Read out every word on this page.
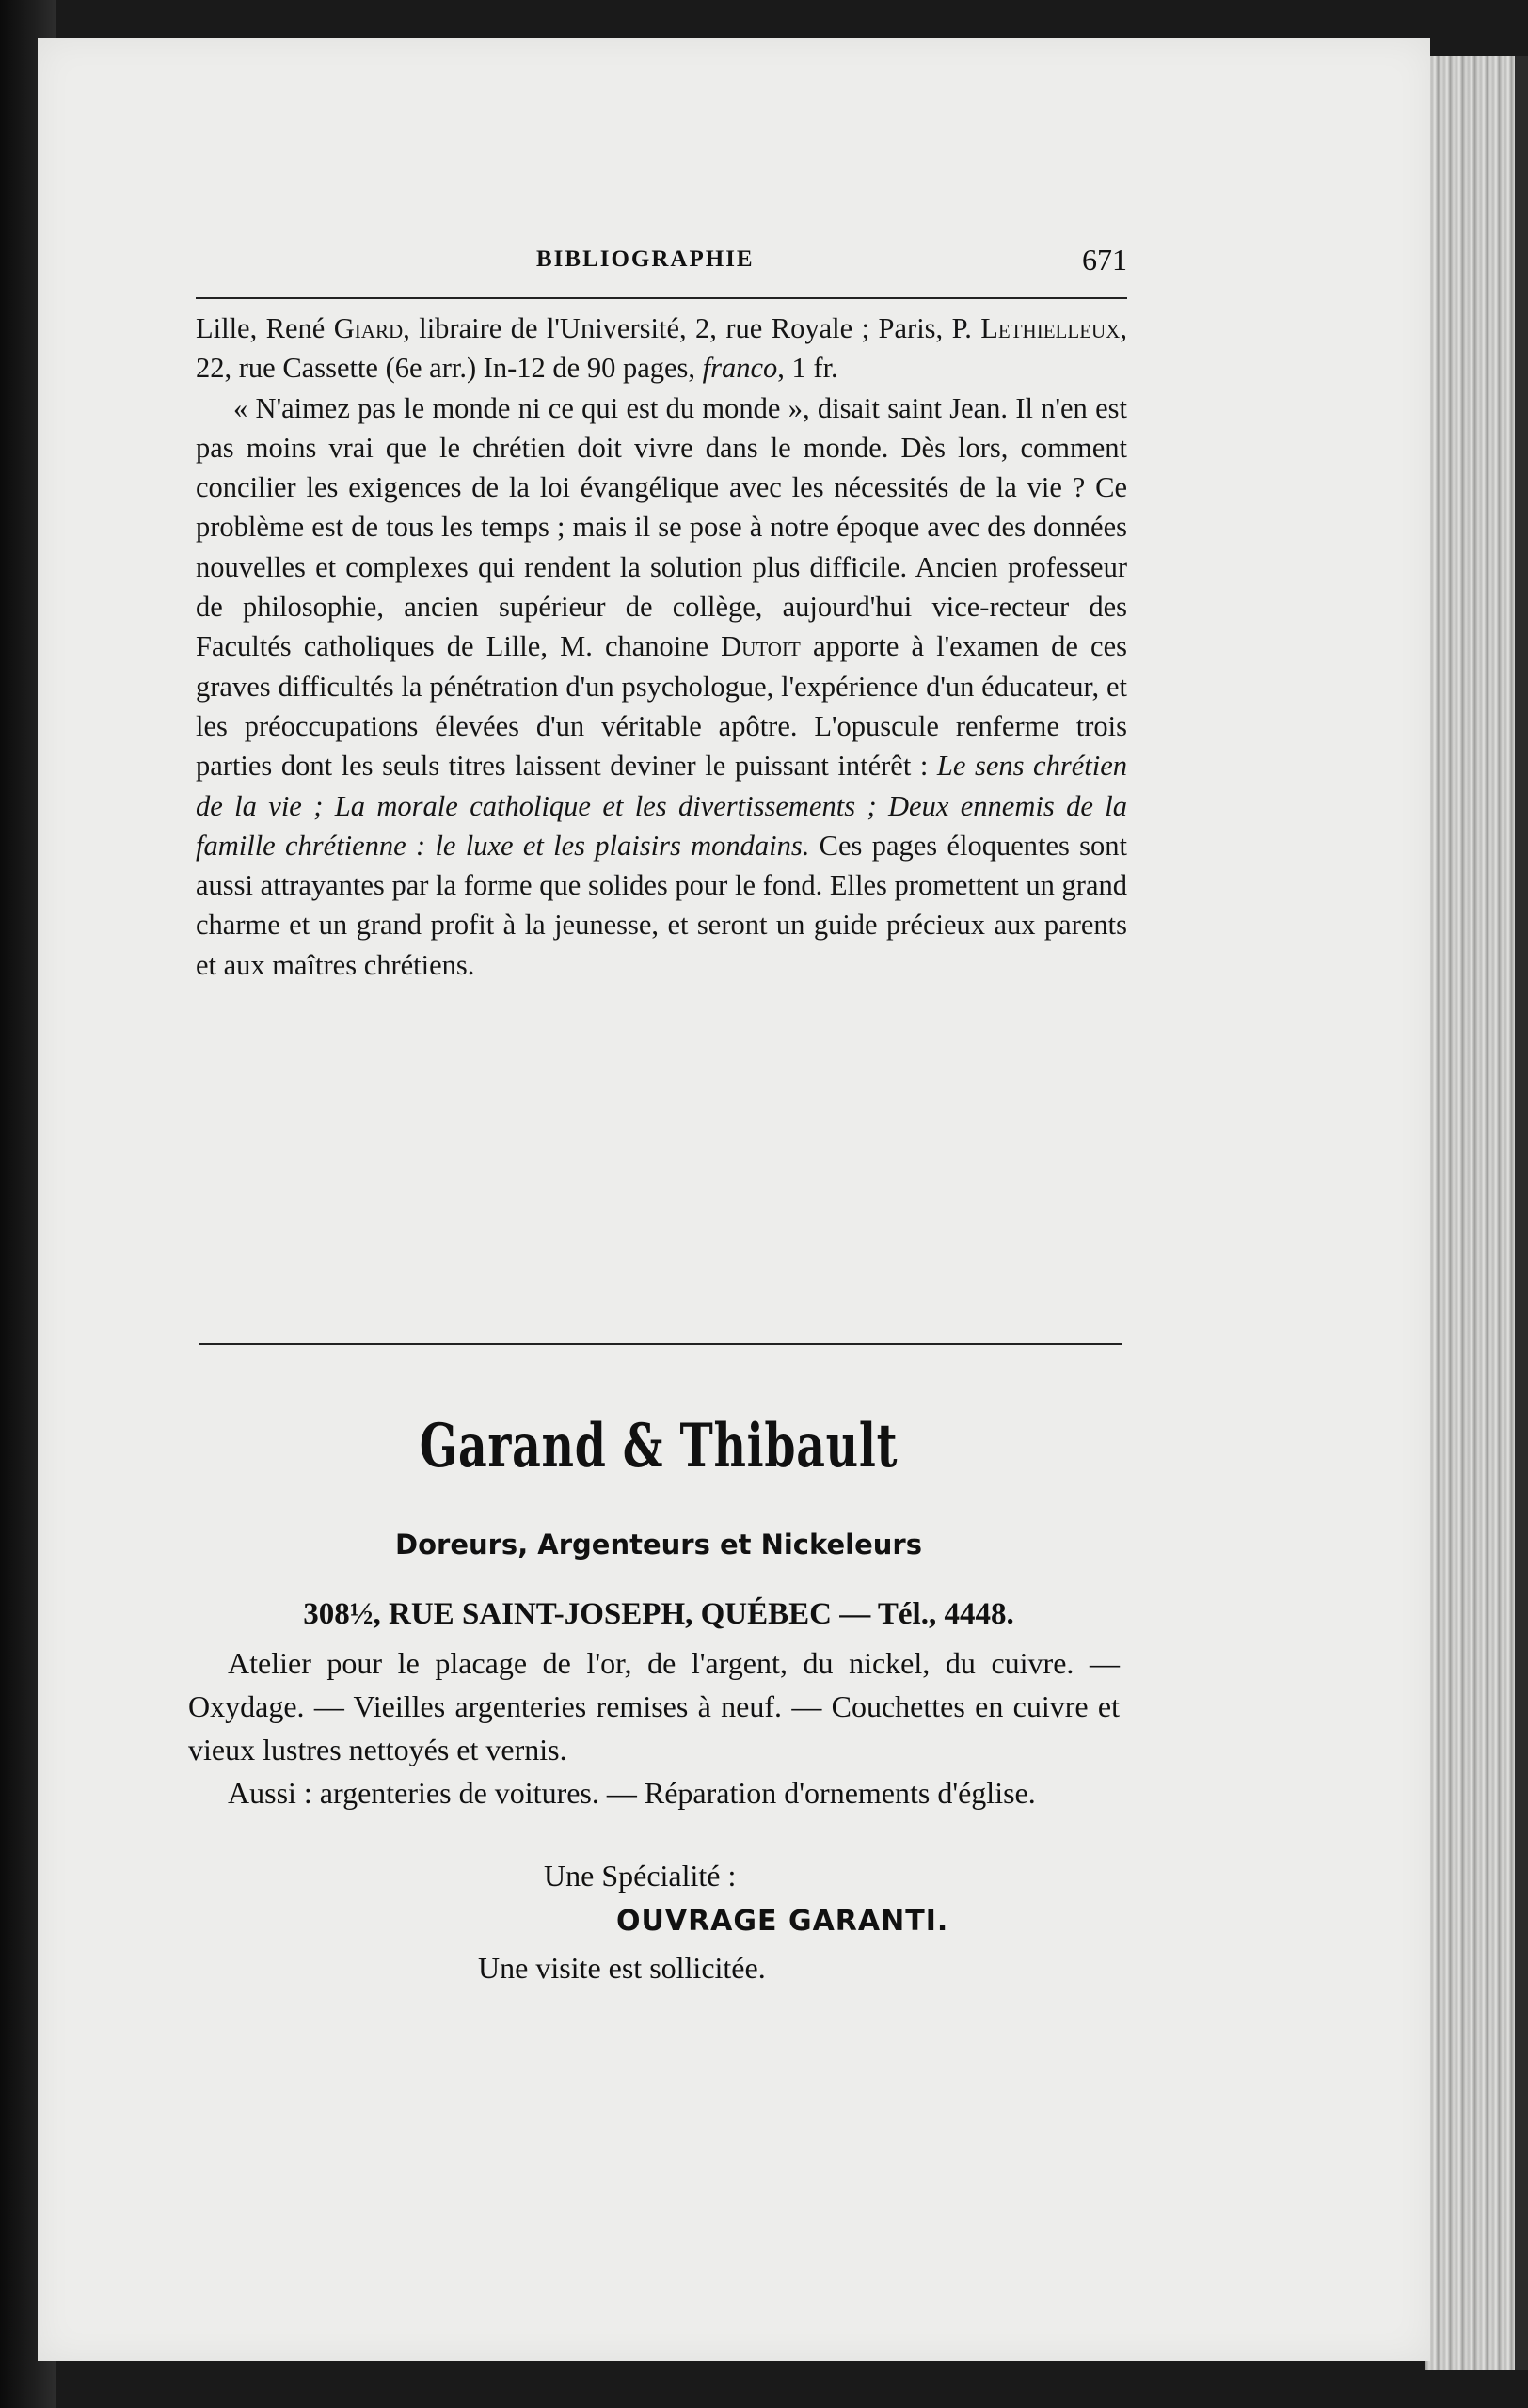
BIBLIOGRAPHIE	671

Lille, René Giard, libraire de l'Université, 2, rue Royale ; Paris, P. Lethielleux, 22, rue Cassette (6e arr.) In-12 de 90 pages, franco, 1 fr.

« N'aimez pas le monde ni ce qui est du monde », disait saint Jean. Il n'en est pas moins vrai que le chrétien doit vivre dans le monde. Dès lors, comment concilier les exigences de la loi évangélique avec les nécessités de la vie ? Ce problème est de tous les temps ; mais il se pose à notre époque avec des données nouvelles et complexes qui rendent la solution plus difficile. Ancien professeur de philosophie, ancien supérieur de collège, aujourd'hui vice-recteur des Facultés catholiques de Lille, M. chanoine Dutoit apporte à l'examen de ces graves difficultés la pénétration d'un psychologue, l'expérience d'un éducateur, et les préoccupations élevées d'un véritable apôtre. L'opuscule renferme trois parties dont les seuls titres laissent deviner le puissant intérêt : Le sens chrétien de la vie ; La morale catholique et les divertissements ; Deux ennemis de la famille chrétienne : le luxe et les plaisirs mondains. Ces pages éloquentes sont aussi attrayantes par la forme que solides pour le fond. Elles promettent un grand charme et un grand profit à la jeunesse, et seront un guide précieux aux parents et aux maîtres chrétiens.

Garand & Thibault
Doreurs, Argenteurs et Nickeleurs
308½, RUE SAINT-JOSEPH, QUÉBEC — Tél., 4448.

Atelier pour le placage de l'or, de l'argent, du nickel, du cuivre. — Oxydage. — Vieilles argenteries remises à neuf. — Couchettes en cuivre et vieux lustres nettoyés et vernis.

Aussi : argenteries de voitures. — Réparation d'ornements d'église.

Une Spécialité :
OUVRAGE GARANTI.
Une visite est sollicitée.
